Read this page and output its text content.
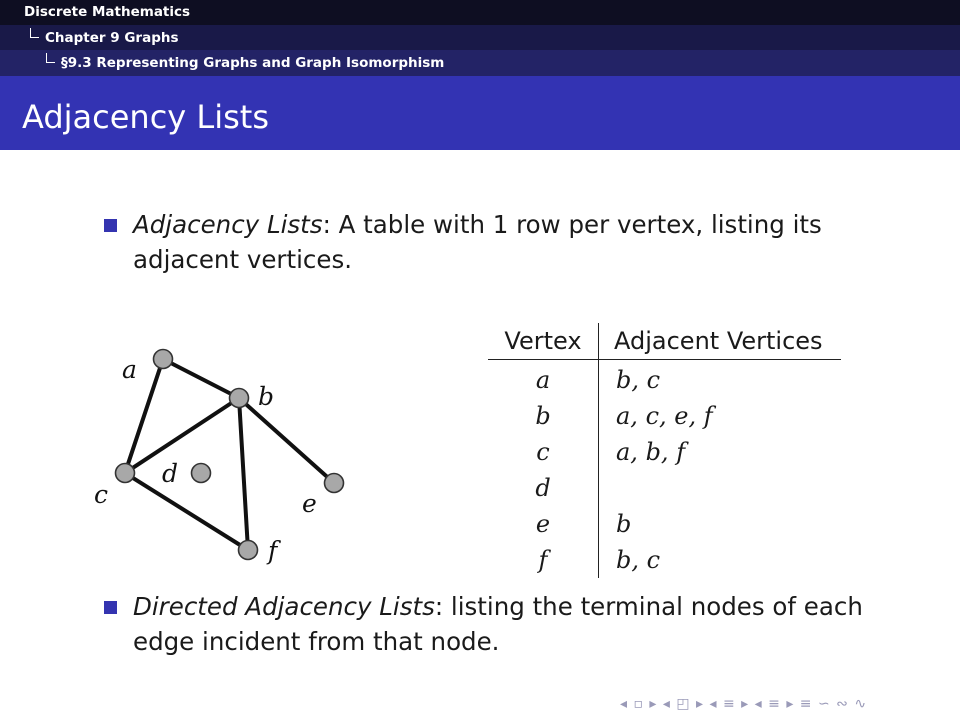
Discrete Mathematics
Chapter 9 Graphs
§9.3 Representing Graphs and Graph Isomorphism
Adjacency Lists
Adjacency Lists: A table with 1 row per vertex, listing its
adjacent vertices.
a
b
c
d
e
f
Vertex	Adjacent Vertices
a	b, c
b	a, c, e, f
c	a, b, f
d	
e	b
f	b, c
Directed Adjacency Lists: listing the terminal nodes of each
edge incident from that node.
◂ ▫ ▸ ◂ ◰ ▸ ◂ ≡ ▸ ◂ ≡ ▸ ≡ ∽ ∾ ∿
